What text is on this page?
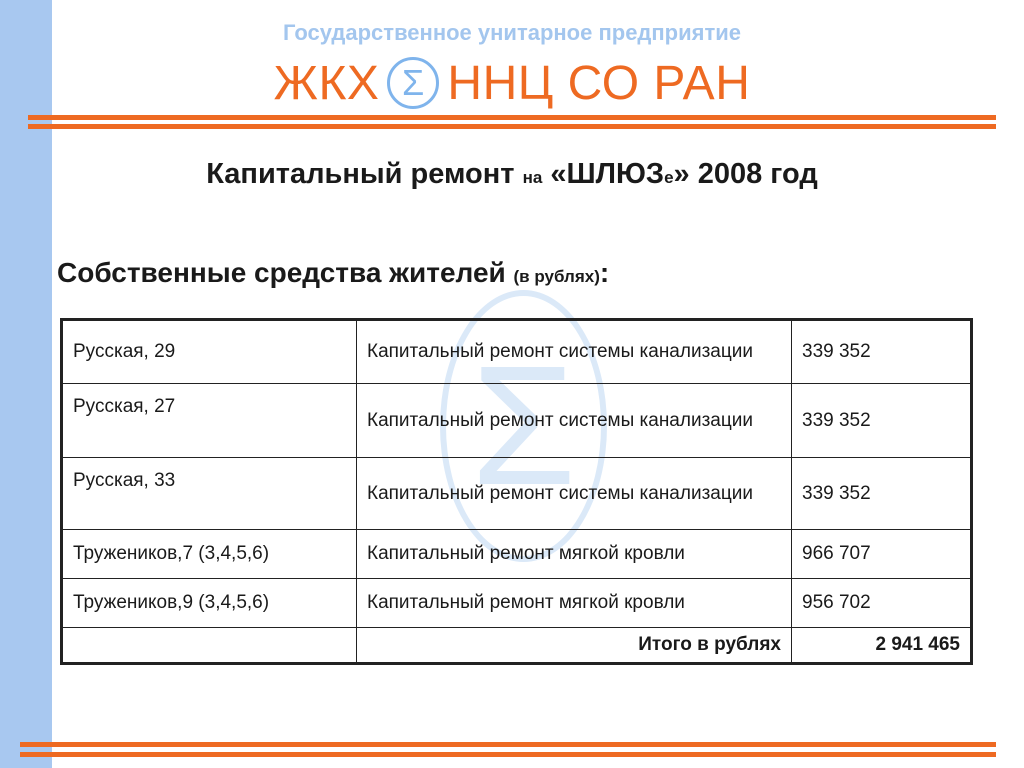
Государственное унитарное предприятие
ЖКХ Σ ННЦ СО РАН
Капитальный ремонт на «ШЛЮЗе» 2008 год
Собственные средства жителей (в рублях):
Σ
Русская, 29	Капитальный ремонт системы канализации	339 352
Русская, 27	Капитальный ремонт системы канализации	339 352
Русская, 33	Капитальный ремонт системы канализации	339 352
Тружеников,7 (3,4,5,6)	Капитальный ремонт мягкой кровли	966 707
Тружеников,9 (3,4,5,6)	Капитальный ремонт мягкой кровли	956 702
	Итого в рублях	2 941 465
